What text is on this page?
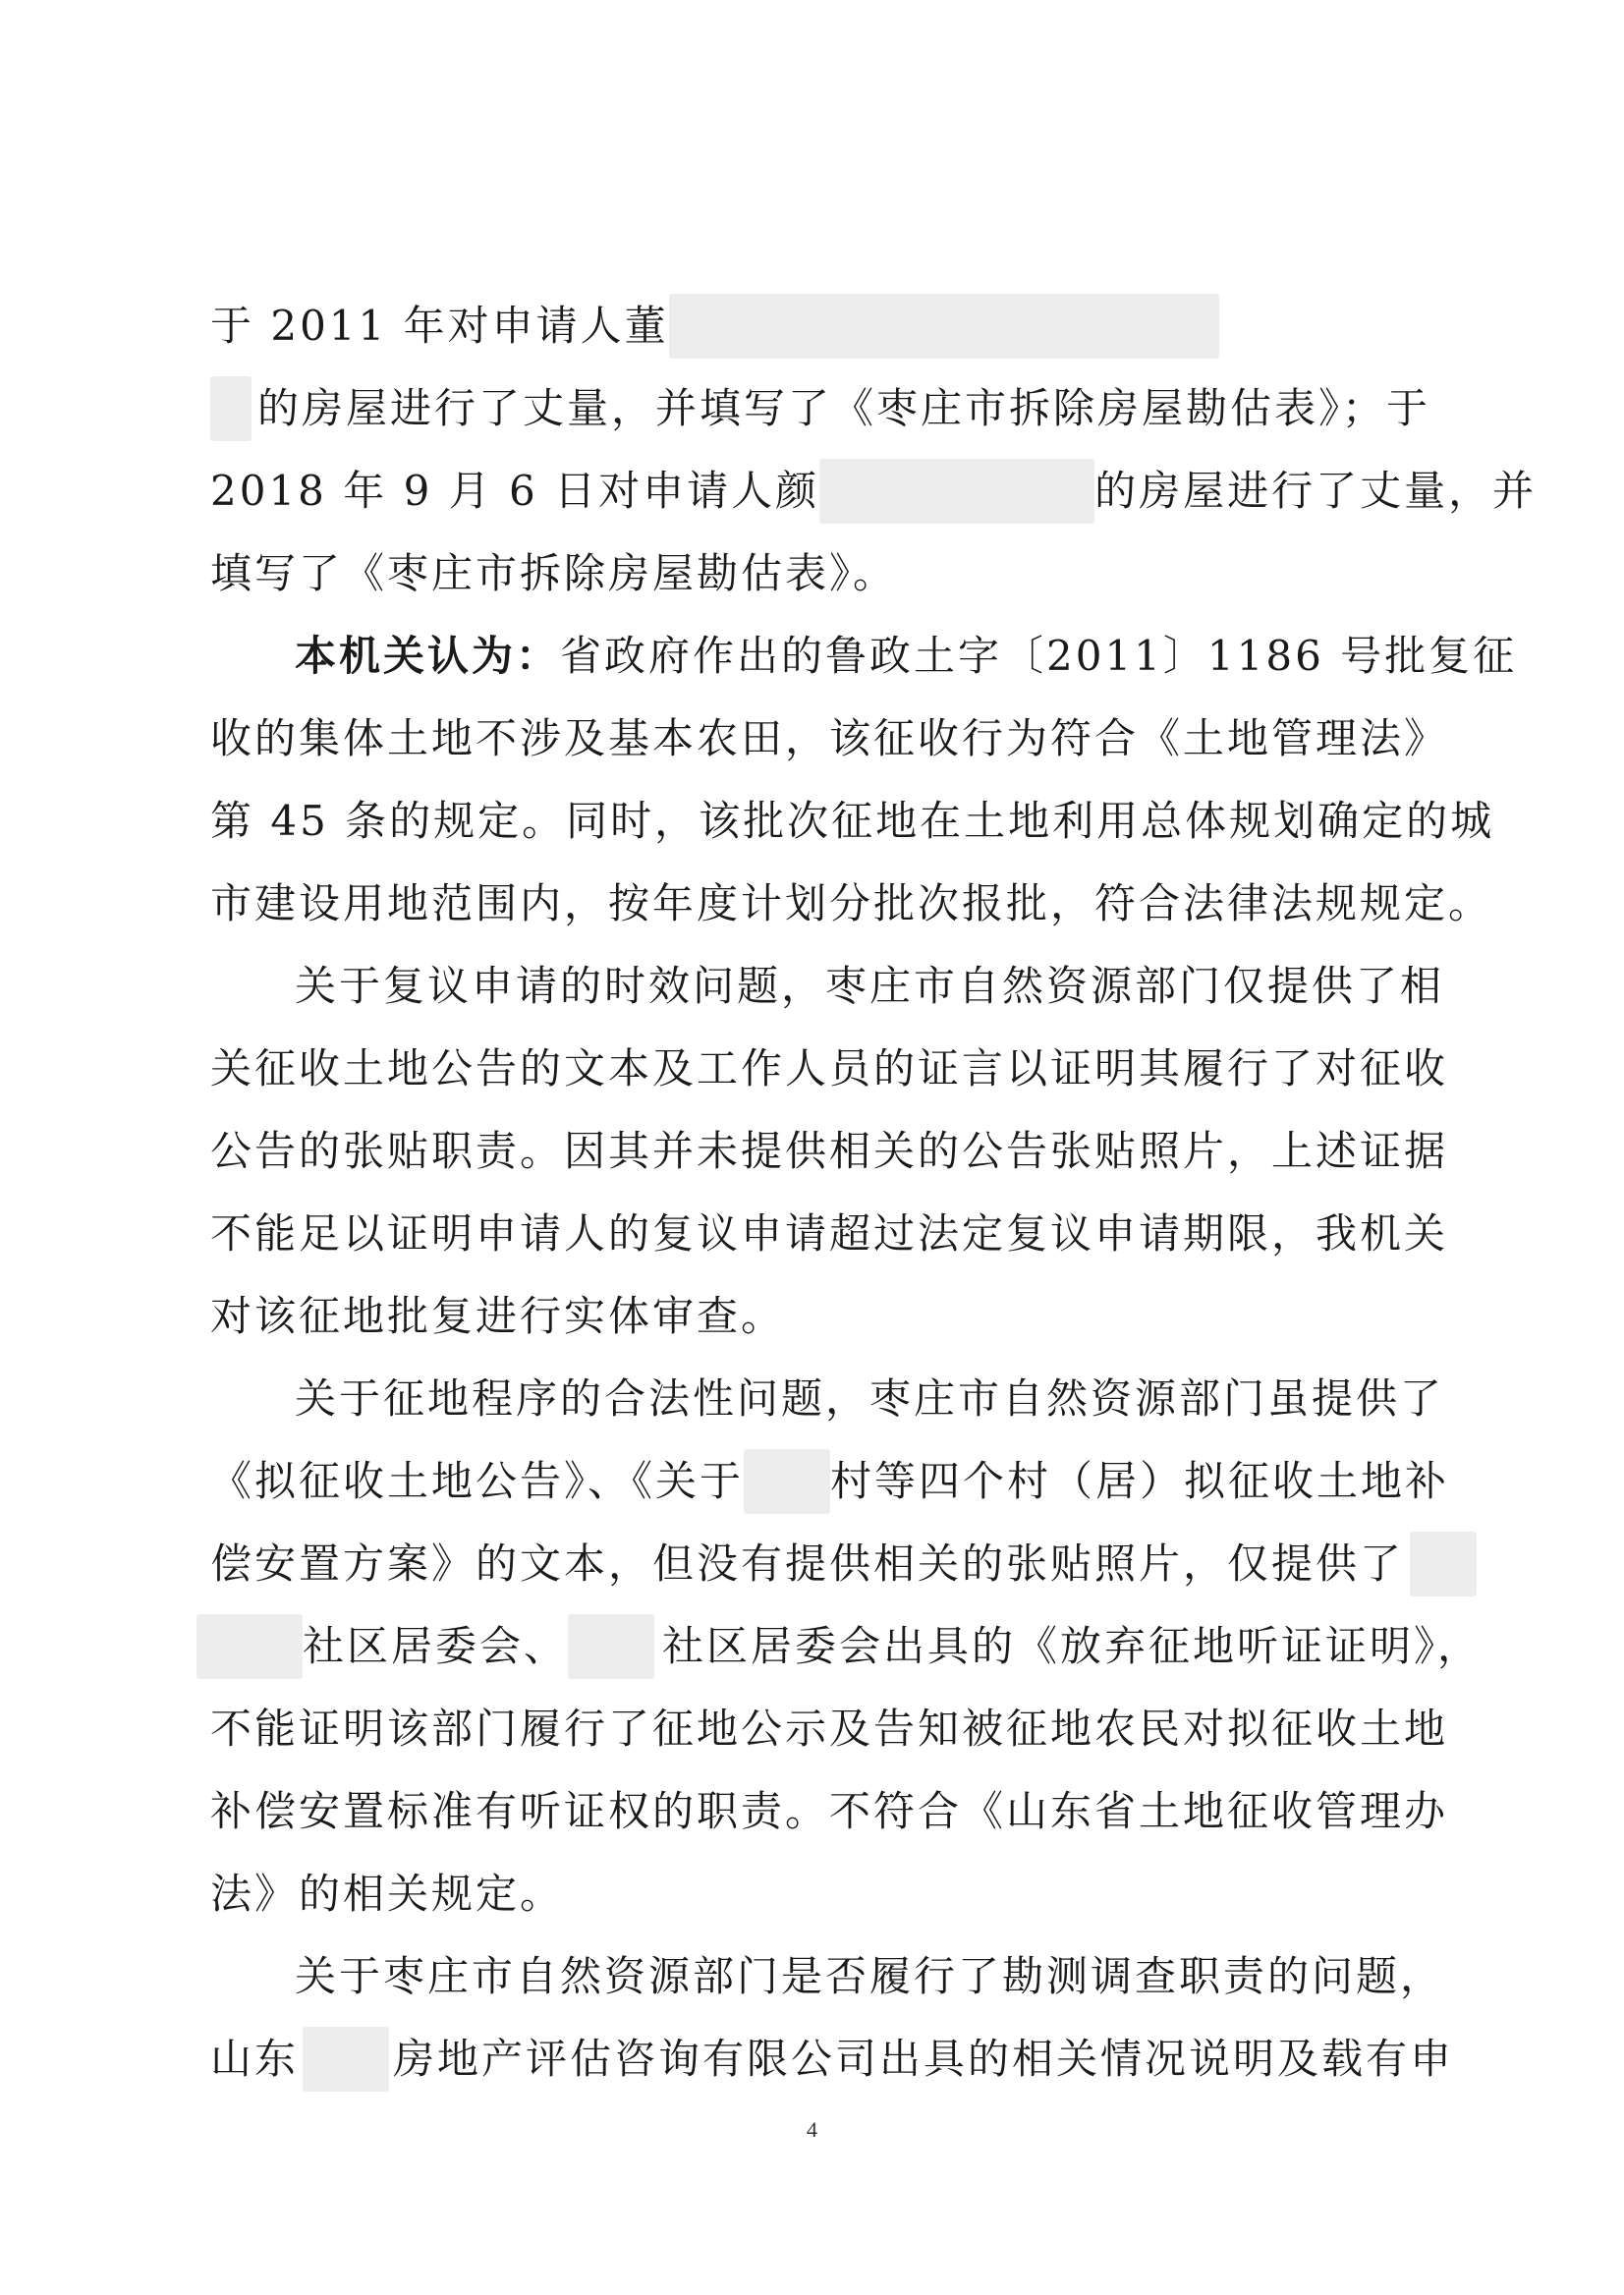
于 2011 年对申请人董
的房屋进行了丈量，并填写了《枣庄市拆除房屋勘估表》；于
2018 年 9 月 6 日对申请人颜	的房屋进行了丈量，并
填写了《枣庄市拆除房屋勘估表》。
本机关认为：省政府作出的鲁政土字〔2011〕1186 号批复征
收的集体土地不涉及基本农田，该征收行为符合《土地管理法》
第 45 条的规定。同时，该批次征地在土地利用总体规划确定的城
市建设用地范围内，按年度计划分批次报批，符合法律法规规定。
关于复议申请的时效问题，枣庄市自然资源部门仅提供了相
关征收土地公告的文本及工作人员的证言以证明其履行了对征收
公告的张贴职责。因其并未提供相关的公告张贴照片，上述证据
不能足以证明申请人的复议申请超过法定复议申请期限，我机关
对该征地批复进行实体审查。
关于征地程序的合法性问题，枣庄市自然资源部门虽提供了
《拟征收土地公告》、《关于 村等四个村（居）拟征收土地补
偿安置方案》的文本，但没有提供相关的张贴照片，仅提供了
社区居委会、 社区居委会出具的《放弃征地听证证明》，
不能证明该部门履行了征地公示及告知被征地农民对拟征收土地
补偿安置标准有听证权的职责。不符合《山东省土地征收管理办
法》的相关规定。
关于枣庄市自然资源部门是否履行了勘测调查职责的问题，
山东 房地产评估咨询有限公司出具的相关情况说明及载有申
4
